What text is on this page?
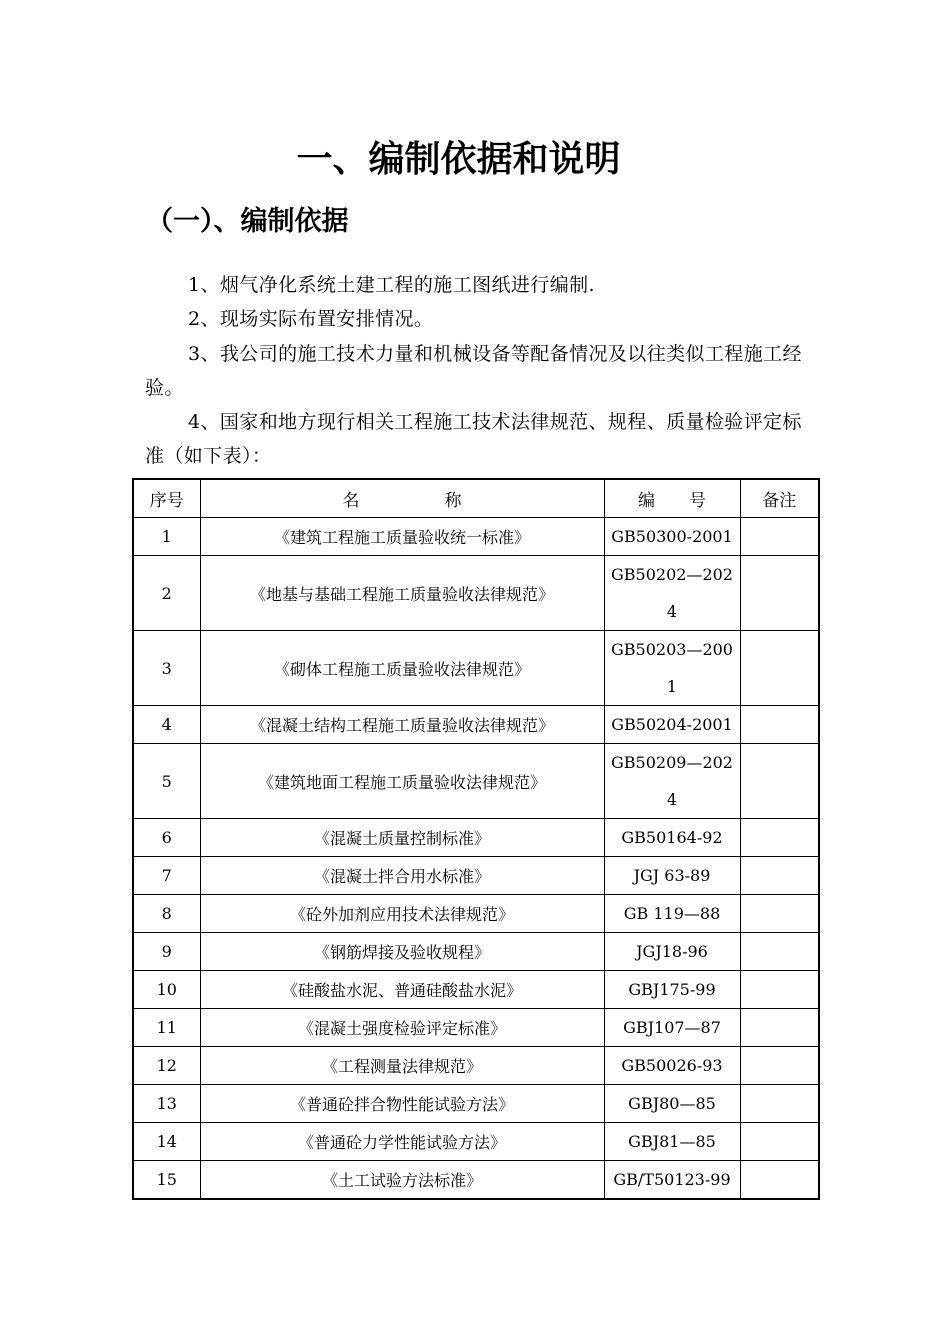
一、编制依据和说明
（一）、编制依据

1、烟气净化系统土建工程的施工图纸进行编制.

2、现场实际布置安排情况。

3、我公司的施工技术力量和机械设备等配备情况及以往类似工程施工经验。

4、国家和地方现行相关工程施工技术法律规范、规程、质量检验评定标准（如下表）：

序号	名　　　　　称	编　　号	备注
1	《建筑工程施工质量验收统一标准》	GB50300-2001	
2	《地基与基础工程施工质量验收法律规范》	GB50202—2024	
3	《砌体工程施工质量验收法律规范》	GB50203—2001	
4	《混凝土结构工程施工质量验收法律规范》	GB50204-2001	
5	《建筑地面工程施工质量验收法律规范》	GB50209—2024	
6	《混凝土质量控制标准》	GB50164-92	
7	《混凝土拌合用水标准》	JGJ 63-89	
8	《砼外加剂应用技术法律规范》	GB 119—88	
9	《钢筋焊接及验收规程》	JGJ18-96	
10	《硅酸盐水泥、普通硅酸盐水泥》	GBJ175-99	
11	《混凝土强度检验评定标准》	GBJ107—87	
12	《工程测量法律规范》	GB50026-93	
13	《普通砼拌合物性能试验方法》	GBJ80—85	
14	《普通砼力学性能试验方法》	GBJ81—85	
15	《土工试验方法标准》	GB/T50123-99	
